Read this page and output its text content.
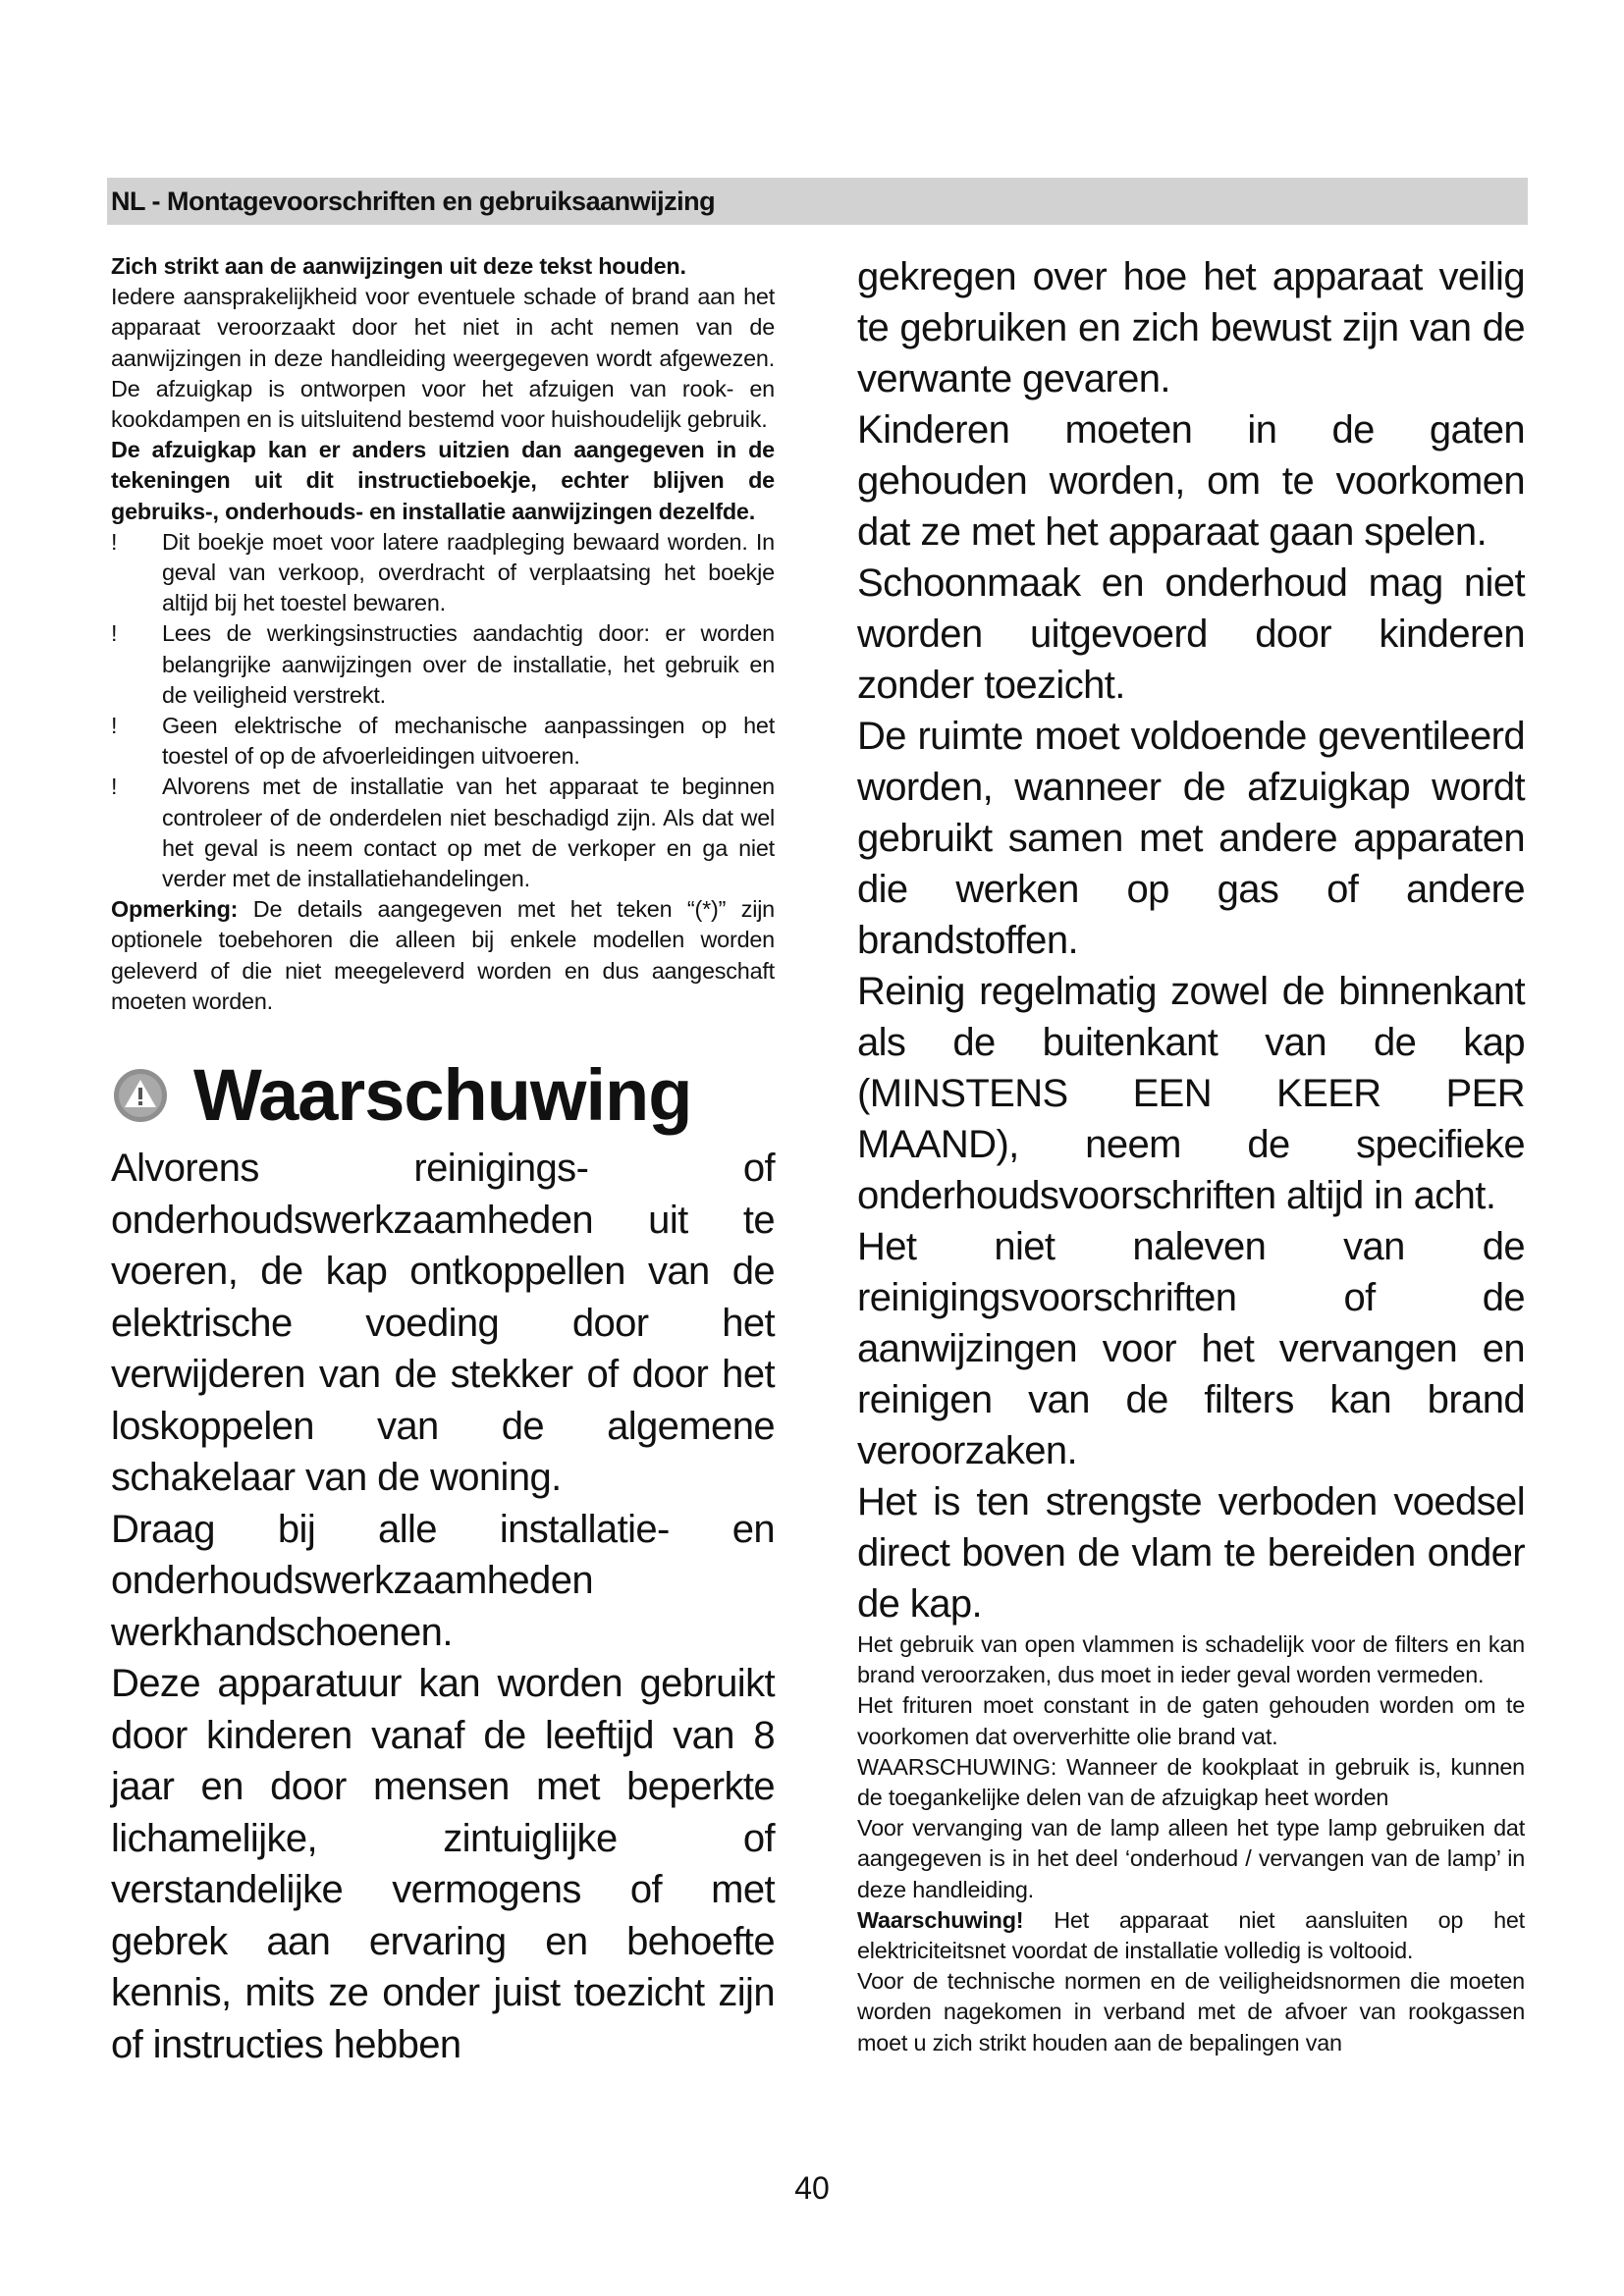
NL - Montagevoorschriften en gebruiksaanwijzing

Zich strikt aan de aanwijzingen uit deze tekst houden.

Iedere aansprakelijkheid voor eventuele schade of brand aan het apparaat veroorzaakt door het niet in acht nemen van de aanwijzingen in deze handleiding weergegeven wordt afgewezen. De afzuigkap is ontworpen voor het afzuigen van rook- en kookdampen en is uitsluitend bestemd voor huishoudelijk gebruik.

De afzuigkap kan er anders uitzien dan aangegeven in de tekeningen uit dit instructieboekje, echter blijven de gebruiks-, onderhouds- en installatie aanwijzingen dezelfde.

! Dit boekje moet voor latere raadpleging bewaard worden. In geval van verkoop, overdracht of verplaatsing het boekje altijd bij het toestel bewaren.
! Lees de werkingsinstructies aandachtig door: er worden belangrijke aanwijzingen over de installatie, het gebruik en de veiligheid verstrekt.
! Geen elektrische of mechanische aanpassingen op het toestel of op de afvoerleidingen uitvoeren.
! Alvorens met de installatie van het apparaat te beginnen controleer of de onderdelen niet beschadigd zijn. Als dat wel het geval is neem contact op met de verkoper en ga niet verder met de installatiehandelingen.

Opmerking: De details aangegeven met het teken “(*)” zijn optionele toebehoren die alleen bij enkele modellen worden geleverd of die niet meegeleverd worden en dus aangeschaft moeten worden.

Waarschuwing

Alvorens reinigings- of onderhoudswerkzaamheden uit te voeren, de kap ontkoppellen van de elektrische voeding door het verwijderen van de stekker of door het loskoppelen van de algemene schakelaar van de woning.

Draag bij alle installatie- en onderhoudswerkzaamheden werkhandschoenen.

Deze apparatuur kan worden gebruikt door kinderen vanaf de leeftijd van 8 jaar en door mensen met beperkte lichamelijke, zintuiglijke of verstandelijke vermogens of met gebrek aan ervaring en behoefte kennis, mits ze onder juist toezicht zijn of instructies hebben

gekregen over hoe het apparaat veilig te gebruiken en zich bewust zijn van de verwante gevaren.

Kinderen moeten in de gaten gehouden worden, om te voorkomen dat ze met het apparaat gaan spelen.

Schoonmaak en onderhoud mag niet worden uitgevoerd door kinderen zonder toezicht.

De ruimte moet voldoende geventileerd worden, wanneer de afzuigkap wordt gebruikt samen met andere apparaten die werken op gas of andere brandstoffen.

Reinig regelmatig zowel de binnenkant als de buitenkant van de kap (MINSTENS EEN KEER PER MAAND), neem de specifieke onderhoudsvoorschriften altijd in acht.

Het niet naleven van de reinigingsvoorschriften of de aanwijzingen voor het vervangen en reinigen van de filters kan brand veroorzaken.

Het is ten strengste verboden voedsel direct boven de vlam te bereiden onder de kap.

Het gebruik van open vlammen is schadelijk voor de filters en kan brand veroorzaken, dus moet in ieder geval worden vermeden.

Het frituren moet constant in de gaten gehouden worden om te voorkomen dat oververhitte olie brand vat.

WAARSCHUWING: Wanneer de kookplaat in gebruik is, kunnen de toegankelijke delen van de afzuigkap heet worden

Voor vervanging van de lamp alleen het type lamp gebruiken dat aangegeven is in het deel ‘onderhoud / vervangen van de lamp’ in deze handleiding.

Waarschuwing! Het apparaat niet aansluiten op het elektriciteitsnet voordat de installatie volledig is voltooid.

Voor de technische normen en de veiligheidsnormen die moeten worden nagekomen in verband met de afvoer van rookgassen moet u zich strikt houden aan de bepalingen van

40
